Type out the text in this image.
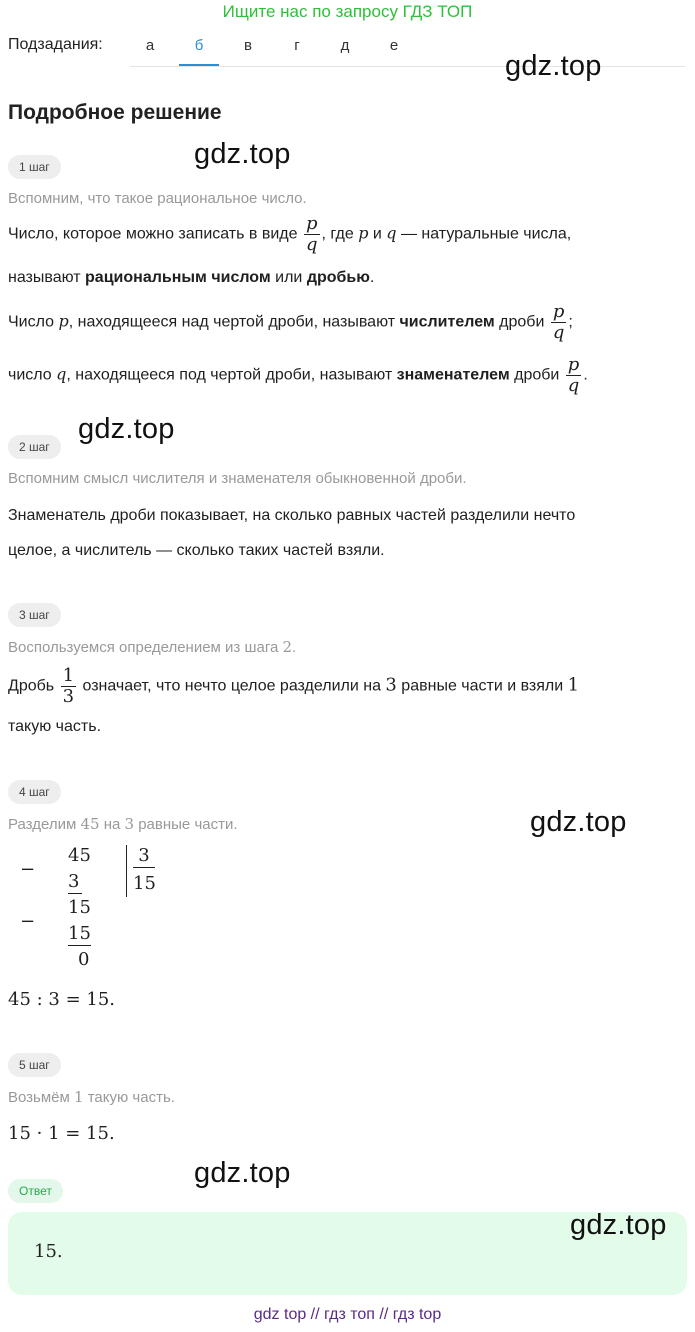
Ищите нас по запросу ГДЗ ТОП
Подзадания:	а	б	в	г	д	е
gdz.top
gdz.top
gdz.top
gdz.top
gdz.top
gdz.top
Подробное решение
1 шаг
Вспомним, что такое рациональное число.
Число, которое можно записать в виде $\frac{p}{q}$ , где p и q — натуральные числа,
называют рациональным числом или дробью.
Число p, находящееся над чертой дроби, называют числителем дроби $\frac{p}{q}$ ;
число q, находящееся под чертой дроби, называют знаменателем дроби $\frac{p}{q}$ .
2 шаг
Вспомним смысл числителя и знаменателя обыкновенной дроби.
Знаменатель дроби показывает, на сколько равных частей разделили нечто
целое, а числитель — сколько таких частей взяли.
3 шаг
Воспользуемся определением из шага 2.
Дробь $\frac{1}{3}$ означает, что нечто целое разделили на 3 равные части и взяли 1
такую часть.
4 шаг
Разделим 45 на 3 равные части.
−
45
3
3
15
−
15
15
0
45 : 3 = 15.
5 шаг
Возьмём 1 такую часть.
15 · 1 = 15.
Ответ
15.
gdz top // гдз топ // гдз top
